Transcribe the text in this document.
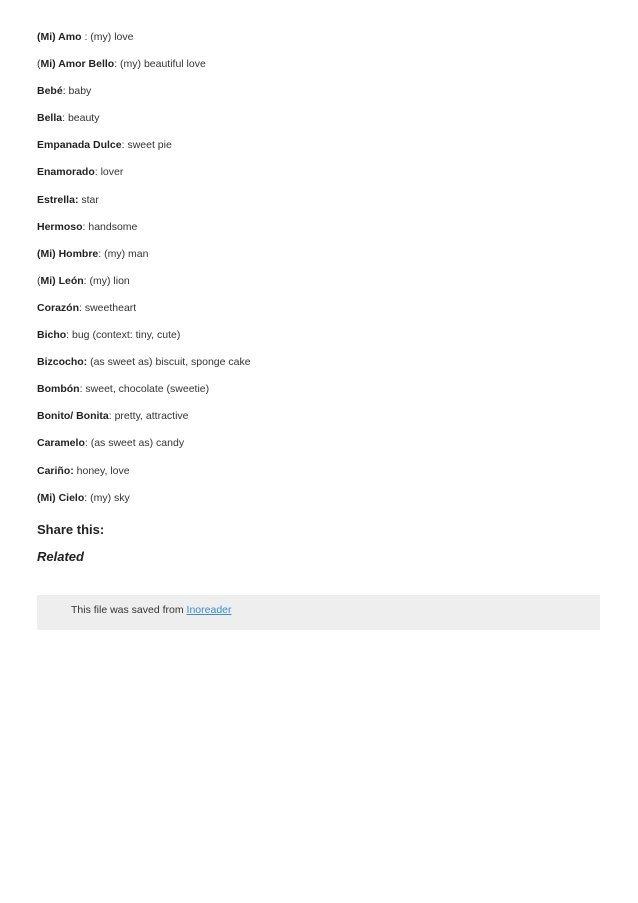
(Mi) Amo : (my) love
(Mi) Amor Bello: (my) beautiful love
Bebé: baby
Bella: beauty
Empanada Dulce: sweet pie
Enamorado: lover
Estrella: star
Hermoso: handsome
(Mi) Hombre: (my) man
(Mi) León: (my) lion
Corazón: sweetheart
Bicho: bug (context: tiny, cute)
Bizcocho: (as sweet as) biscuit, sponge cake
Bombón: sweet, chocolate (sweetie)
Bonito/ Bonita: pretty, attractive
Caramelo: (as sweet as) candy
Cariño: honey, love
(Mi) Cielo: (my) sky

Share this:

Related

This file was saved from Inoreader
